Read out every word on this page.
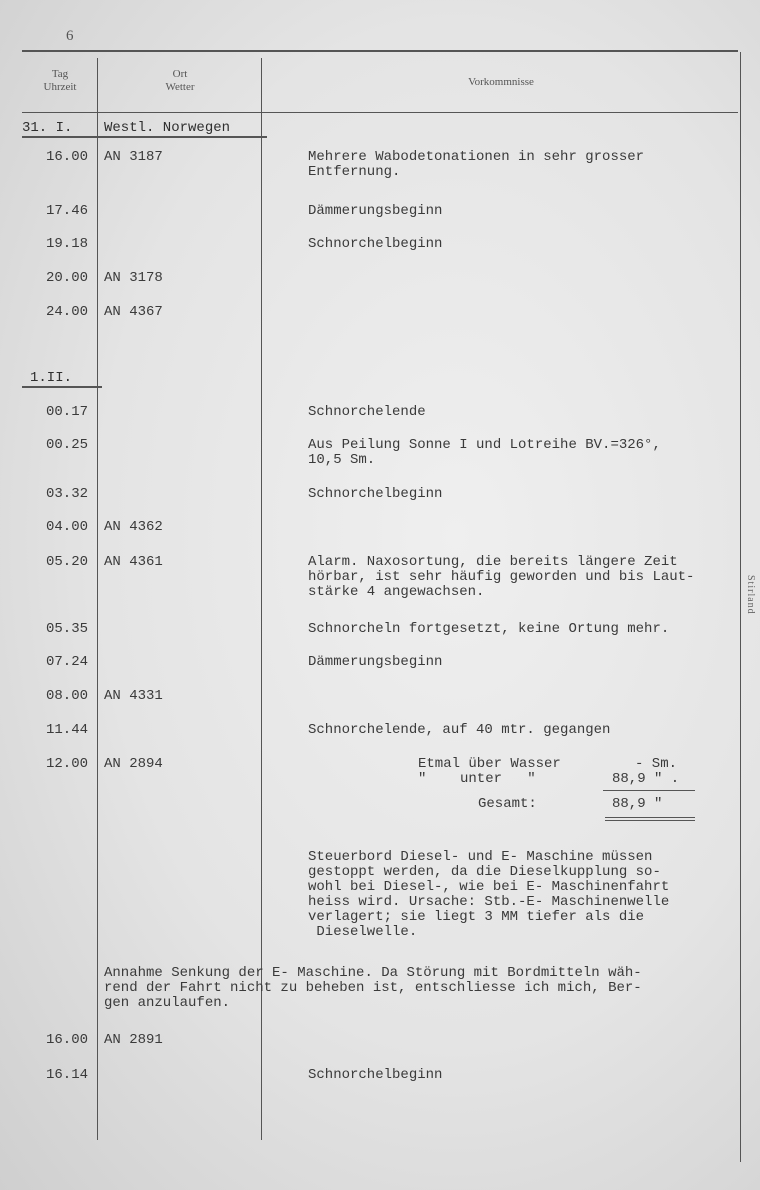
6
Tag
Uhrzeit
Ort
Wetter	Vorkommnisse
31. I. Westl. Norwegen
16.00 AN 3187	Mehrere Wabodetonationen in sehr grosser
Entfernung.
17.46	Dämmerungsbeginn
19.18	Schnorchelbeginn
20.00 AN 3178
24.00 AN 4367
1.II.
00.17	Schnorchelende
00.25	Aus Peilung Sonne I und Lotreihe BV.=326°,
10,5 Sm.
03.32	Schnorchelbeginn
04.00 AN 4362
05.20 AN 4361	Alarm. Naxosortung, die bereits längere Zeit
hörbar, ist sehr häufig geworden und bis Laut-
stärke 4 angewachsen.
05.35	Schnorcheln fortgesetzt, keine Ortung mehr.
07.24	Dämmerungsbeginn
08.00 AN 4331
11.44	Schnorchelende, auf 40 mtr. gegangen
12.00 AN 2894	Etmal über Wasser	- Sm.
"    unter   "	88,9 " .
Gesamt:	88,9 "
Steuerbord Diesel- und E- Maschine müssen
gestoppt werden, da die Dieselkupplung so-
wohl bei Diesel-, wie bei E- Maschinenfahrt
heiss wird. Ursache: Stb.-E- Maschinenwelle
verlagert; sie liegt 3 MM tiefer als die
Dieselwelle.
Annahme Senkung der E- Maschine. Da Störung mit Bordmitteln wäh-
rend der Fahrt nicht zu beheben ist, entschliesse ich mich, Ber-
gen anzulaufen.
16.00 AN 2891
16.14	Schnorchelbeginn
Stirland
